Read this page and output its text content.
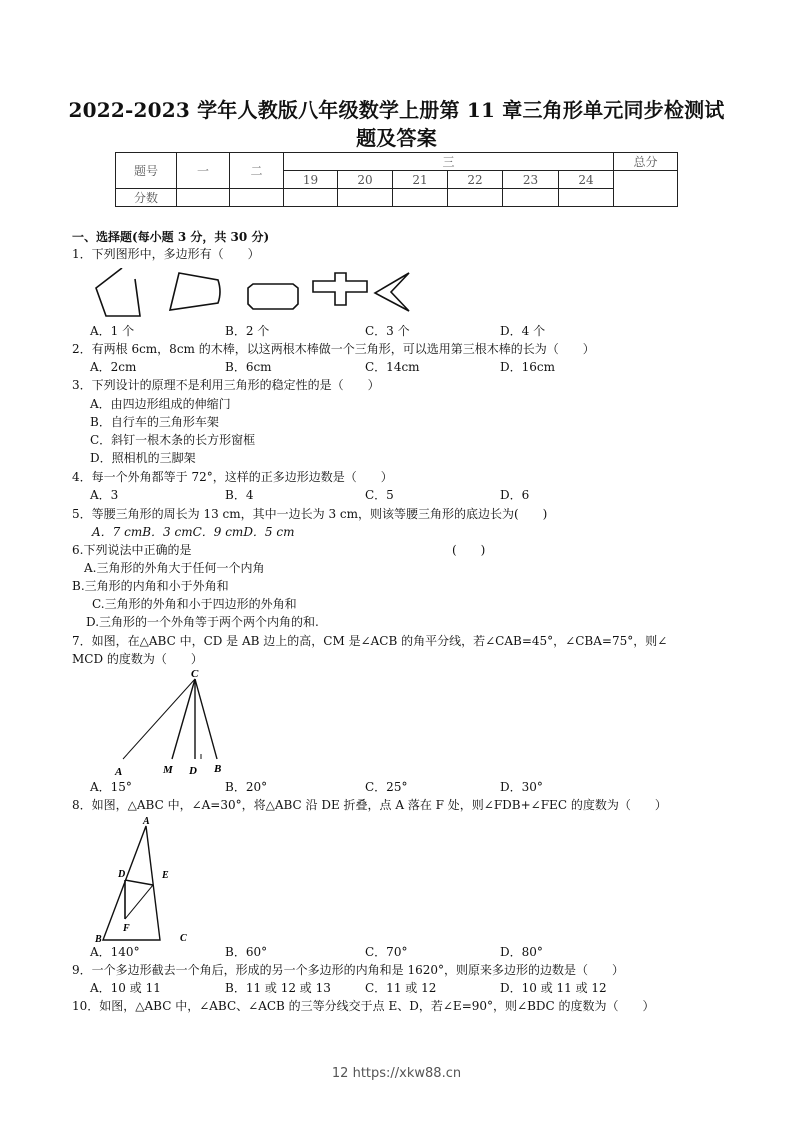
2022-2023 学年人教版八年级数学上册第 11 章三角形单元同步检测试
题及答案
题号	一	二	三						总分
			19	20	21	22	23	24	
分数									
一、选择题(每小题 3 分，共 30 分)
1．下列图形中，多边形有（　　）
A．1 个	B．2 个	C．3 个	D．4 个
2．有两根 6cm，8cm 的木棒，以这两根木棒做一个三角形，可以选用第三根木棒的长为（　　）
A．2cm	B．6cm	C．14cm	D．16cm
3．下列设计的原理不是利用三角形的稳定性的是（　　）
A．由四边形组成的伸缩门
B．自行车的三角形车架
C．斜钉一根木条的长方形窗框
D．照相机的三脚架
4．每一个外角都等于 72°，这样的正多边形边数是（　　）
A．3	B．4	C．5	D．6
5．等腰三角形的周长为 13 cm，其中一边长为 3 cm，则该等腰三角形的底边长为(　　)
A．7 cmB．3 cmC．9 cmD．5 cm
6.下列说法中正确的是	(　　)
A.三角形的外角大于任何一个内角
B.三角形的内角和小于外角和
C.三角形的外角和小于四边形的外角和
D.三角形的一个外角等于两个两个内角的和.
7．如图，在△ABC 中，CD 是 AB 边上的高，CM 是∠ACB 的角平分线，若∠CAB=45°，∠CBA=75°，则∠
MCD 的度数为（　　）
C
A	M D B
A．15°	B．20°	C．25°	D．30°
8．如图，△ABC 中，∠A=30°，将△ABC 沿 DE 折叠，点 A 落在 F 处，则∠FDB+∠FEC 的度数为（　　）
A
D	E
F
B	C
A．140°	B．60°	C．70°	D．80°
9．一个多边形截去一个角后，形成的另一个多边形的内角和是 1620°，则原来多边形的边数是（　　）
A．10 或 11	B．11 或 12 或 13	C．11 或 12	D．10 或 11 或 12
10．如图，△ABC 中，∠ABC、∠ACB 的三等分线交于点 E、D，若∠E=90°，则∠BDC 的度数为（　　）
12 https://xkw88.cn
